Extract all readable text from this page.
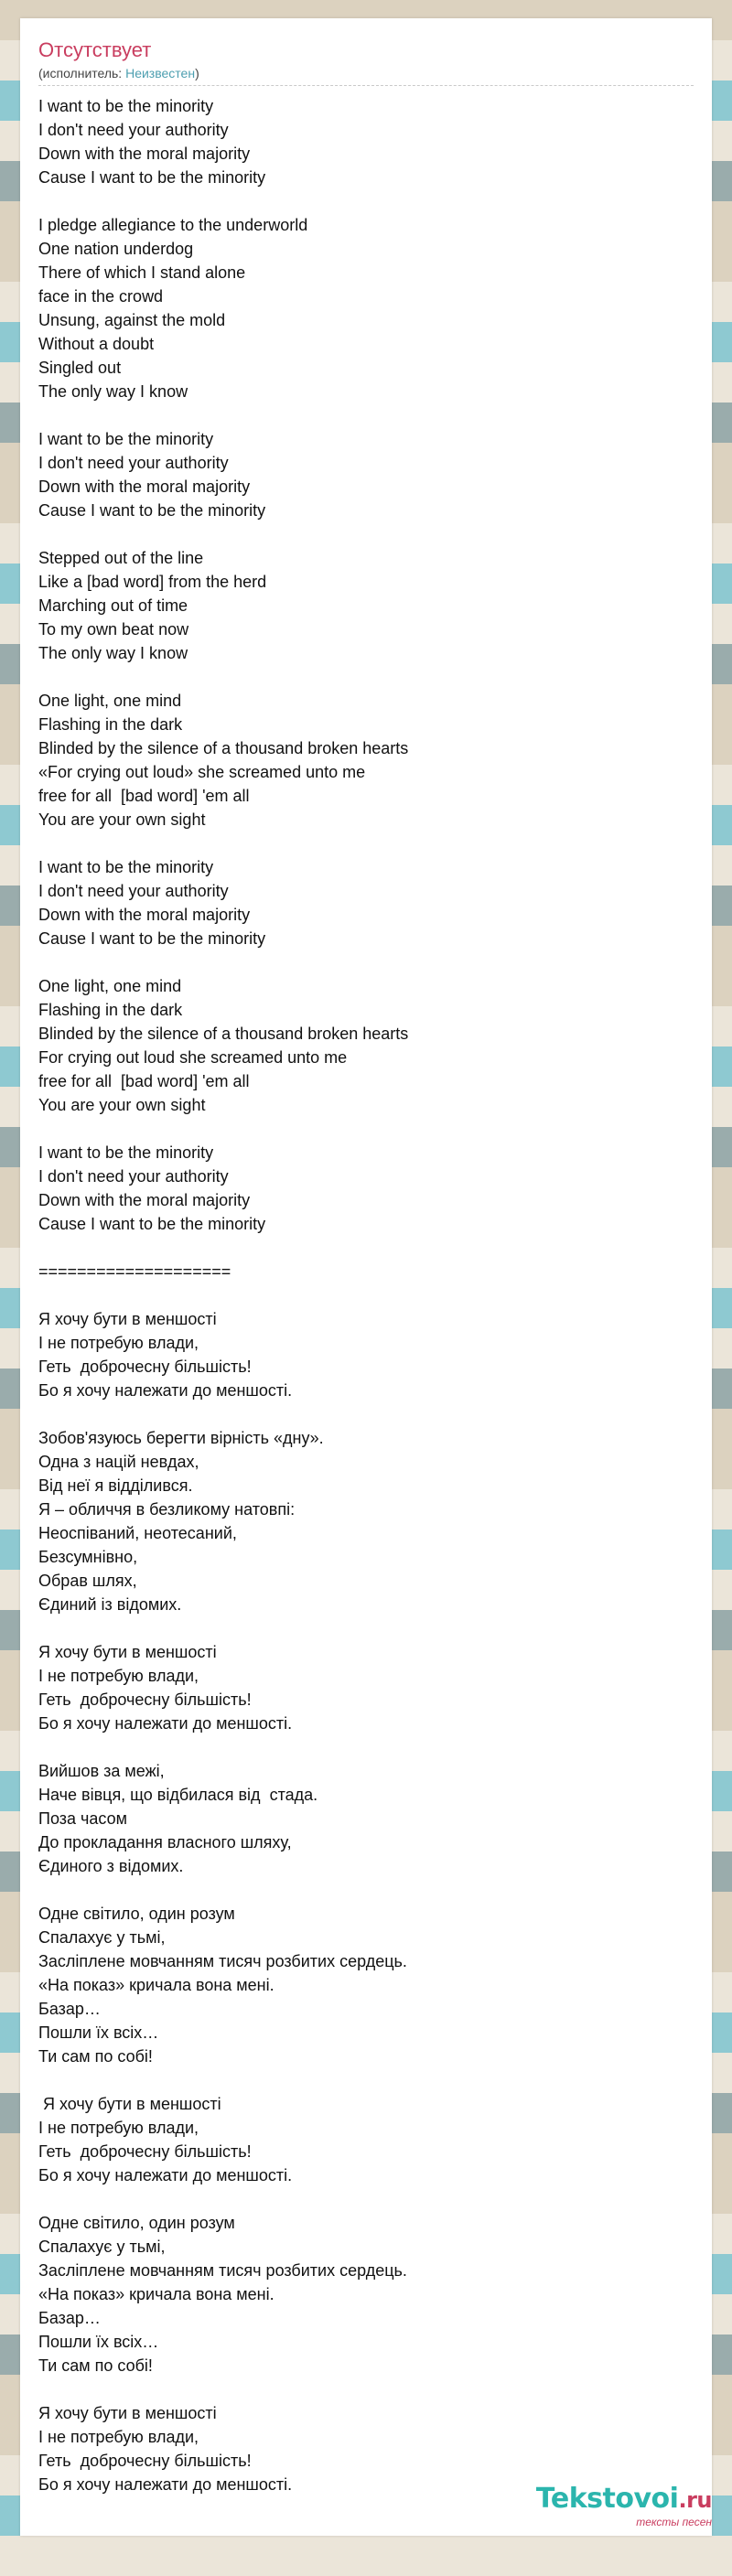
Отсутствует
(исполнитель: Неизвестен)
I want to be the minority
I don't need your authority
Down with the moral majority
Cause I want to be the minority
I pledge allegiance to the underworld
One nation underdog
There of which I stand alone
face in the crowd
Unsung, against the mold
Without a doubt
Singled out
The only way I know
I want to be the minority
I don't need your authority
Down with the moral majority
Cause I want to be the minority
Stepped out of the line
Like a [bad word] from the herd
Marching out of time
To my own beat now
The only way I know
One light, one mind
Flashing in the dark
Blinded by the silence of a thousand broken hearts
«For crying out loud» she screamed unto me
free for all  [bad word] 'em all
You are your own sight
I want to be the minority
I don't need your authority
Down with the moral majority
Cause I want to be the minority
One light, one mind
Flashing in the dark
Blinded by the silence of a thousand broken hearts
For crying out loud she screamed unto me
free for all  [bad word] 'em all
You are your own sight
I want to be the minority
I don't need your authority
Down with the moral majority
Cause I want to be the minority
====================
Я хочу бути в меншості
І не потребую влади,
Геть  доброчесну більшість!
Бо я хочу належати до меншості.
Зобов'язуюсь берегти вірність «дну».
Одна з націй невдах,
Від неї я відділився.
Я – обличчя в безликому натовпі:
Неоспіваний, неотесаний,
Безсумнівно,
Обрав шлях,
Єдиний із відомих.
Я хочу бути в меншості
І не потребую влади,
Геть  доброчесну більшість!
Бо я хочу належати до меншості.
Вийшов за межі,
Наче вівця, що відбилася від  стада.
Поза часом
До прокладання власного шляху,
Єдиного з відомих.
Одне світило, один розум
Спалахує у тьмі,
Засліплене мовчанням тисяч розбитих сердець.
«На показ» кричала вона мені.
Базар…
Пошли їх всіх…
Ти сам по собі!
Я хочу бути в меншості
І не потребую влади,
Геть  доброчесну більшість!
Бо я хочу належати до меншості.
Одне світило, один розум
Спалахує у тьмі,
Засліплене мовчанням тисяч розбитих сердець.
«На показ» кричала вона мені.
Базар…
Пошли їх всіх…
Ти сам по собі!
Я хочу бути в меншості
І не потребую влади,
Геть  доброчесну більшість!
Бо я хочу належати до меншості.	Tekstovoi.ru
тексты песен
